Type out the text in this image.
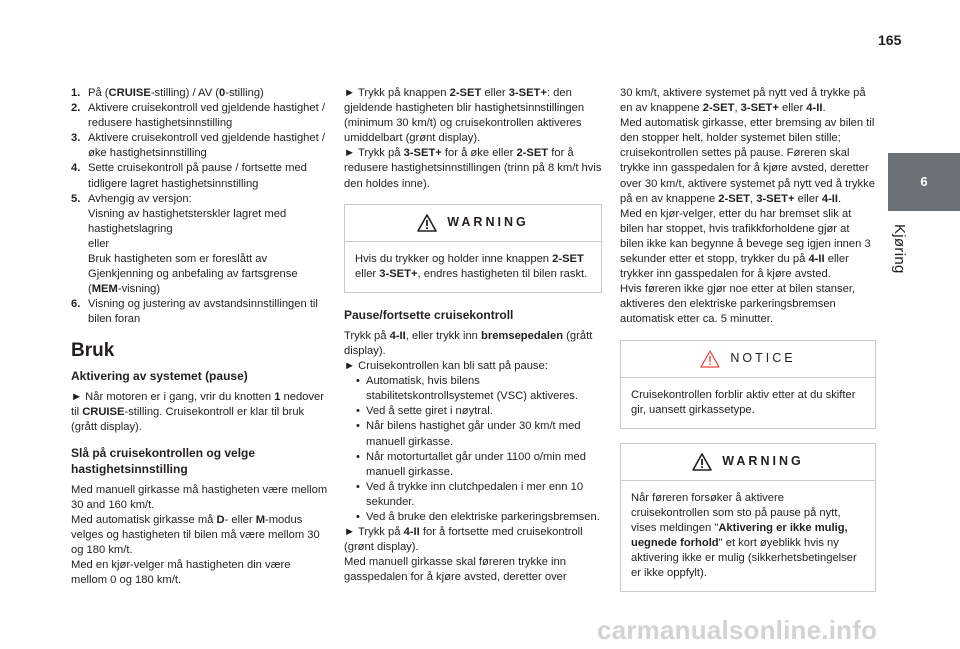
165
6
Kjøring
1. På (CRUISE-stilling) / AV (0-stilling)
2. Aktivere cruisekontroll ved gjeldende hastighet / redusere hastighetsinnstilling
3. Aktivere cruisekontroll ved gjeldende hastighet / øke hastighetsinnstilling
4. Sette cruisekontroll på pause / fortsette med tidligere lagret hastighetsinnstilling
5. Avhengig av versjon:
Visning av hastighetsterskler lagret med hastighetslagring
eller
Bruk hastigheten som er foreslått av Gjenkjenning og anbefaling av fartsgrense (MEM-visning)
6. Visning og justering av avstandsinnstillingen til bilen foran
Bruk
Aktivering av systemet (pause)

► Når motoren er i gang, vrir du knotten 1 nedover til CRUISE-stilling. Cruisekontroll er klar til bruk (grått display).

Slå på cruisekontrollen og velge hastighetsinnstilling

Med manuell girkasse må hastigheten være mellom 30 and 160 km/t.
Med automatisk girkasse må D- eller M-modus velges og hastigheten til bilen må være mellom 30 og 180 km/t.
Med en kjør-velger må hastigheten din være mellom 0 og 180 km/t.

► Trykk på knappen 2-SET eller 3-SET+: den gjeldende hastigheten blir hastighetsinnstillingen (minimum 30 km/t) og cruisekontrollen aktiveres umiddelbart (grønt display).
► Trykk på 3-SET+ for å øke eller 2-SET for å redusere hastighetsinnstillingen (trinn på 8 km/t hvis den holdes inne).

WARNING

Hvis du trykker og holder inne knappen 2-SET eller 3-SET+, endres hastigheten til bilen raskt.

Pause/fortsette cruisekontroll

Trykk på 4-II, eller trykk inn bremsepedalen (grått display).
► Cruisekontrollen kan bli satt på pause:

• Automatisk, hvis bilens stabilitetskontrollsystemet (VSC) aktiveres.
• Ved å sette giret i nøytral.
• Når bilens hastighet går under 30 km/t med manuell girkasse.
• Når motorturtallet går under 1100 o/min med manuell girkasse.
• Ved å trykke inn clutchpedalen i mer enn 10 sekunder.
• Ved å bruke den elektriske parkeringsbremsen.

► Trykk på 4-II for å fortsette med cruisekontroll (grønt display).
Med manuell girkasse skal føreren trykke inn gasspedalen for å kjøre avsted, deretter over

30 km/t, aktivere systemet på nytt ved å trykke på en av knappene 2-SET, 3-SET+ eller 4-II.
Med automatisk girkasse, etter bremsing av bilen til den stopper helt, holder systemet bilen stille; cruisekontrollen settes på pause. Føreren skal trykke inn gasspedalen for å kjøre avsted, deretter over 30 km/t, aktivere systemet på nytt ved å trykke på en av knappene 2-SET, 3-SET+ eller 4-II.
Med en kjør-velger, etter du har bremset slik at bilen har stoppet, hvis trafikkforholdene gjør at bilen ikke kan begynne å bevege seg igjen innen 3 sekunder etter et stopp, trykker du på 4-II eller trykker inn gasspedalen for å kjøre avsted.
Hvis føreren ikke gjør noe etter at bilen stanser, aktiveres den elektriske parkeringsbremsen automatisk etter ca. 5 minutter.

NOTICE

Cruisekontrollen forblir aktiv etter at du skifter gir, uansett girkassetype.

WARNING

Når føreren forsøker å aktivere cruisekontrollen som sto på pause på nytt, vises meldingen "Aktivering er ikke mulig, uegnede forhold" et kort øyeblikk hvis ny aktivering ikke er mulig (sikkerhetsbetingelser er ikke oppfylt).

carmanualsonline.info
